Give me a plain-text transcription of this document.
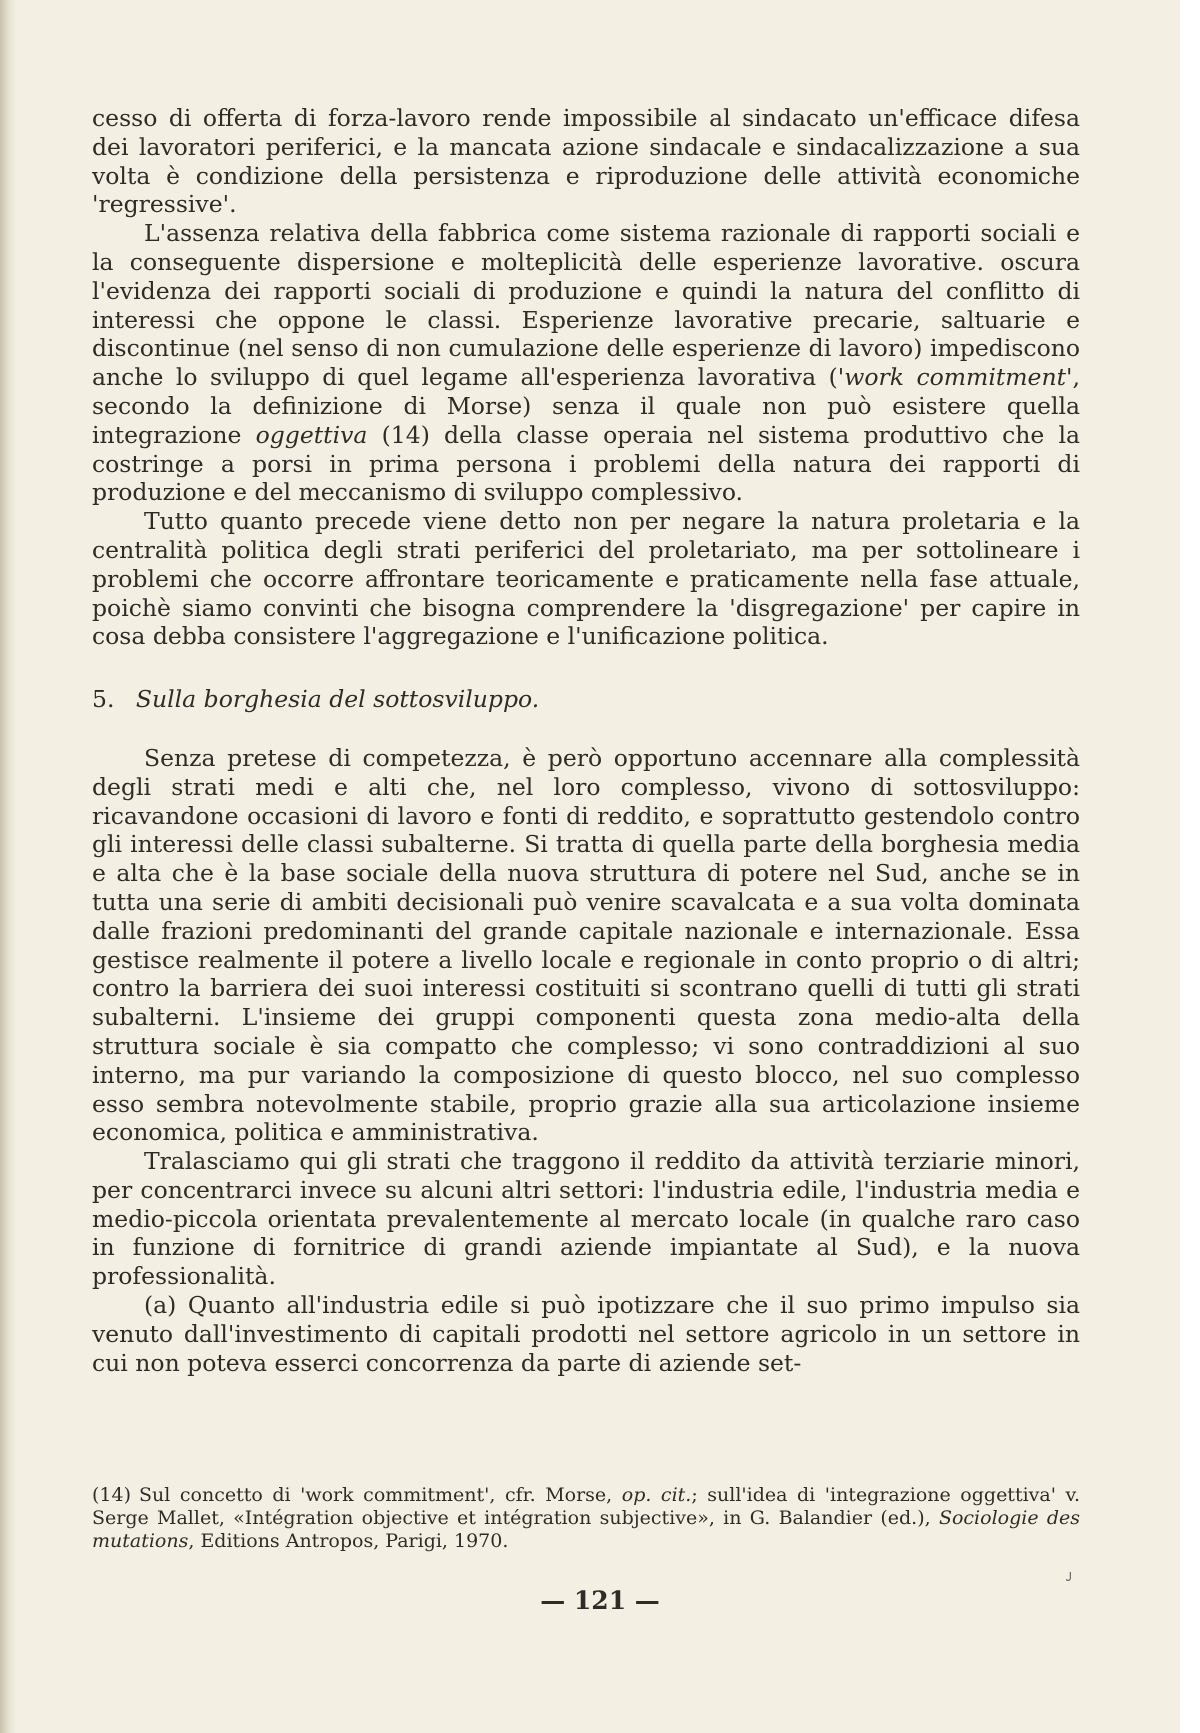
cesso di offerta di forza-lavoro rende impossibile al sindacato un'efficace difesa dei lavoratori periferici, e la mancata azione sindacale e sindacalizzazione a sua volta è condizione della persistenza e riproduzione delle attività economiche 'regressive'.

L'assenza relativa della fabbrica come sistema razionale di rapporti sociali e la conseguente dispersione e molteplicità delle esperienze lavorative. oscura l'evidenza dei rapporti sociali di produzione e quindi la natura del conflitto di interessi che oppone le classi. Esperienze lavorative precarie, saltuarie e discontinue (nel senso di non cumulazione delle esperienze di lavoro) impediscono anche lo sviluppo di quel legame all'esperienza lavorativa ('work commitment', secondo la definizione di Morse) senza il quale non può esistere quella integrazione oggettiva (14) della classe operaia nel sistema produttivo che la costringe a porsi in prima persona i problemi della natura dei rapporti di produzione e del meccanismo di sviluppo complessivo.

Tutto quanto precede viene detto non per negare la natura proletaria e la centralità politica degli strati periferici del proletariato, ma per sottolineare i problemi che occorre affrontare teoricamente e praticamente nella fase attuale, poichè siamo convinti che bisogna comprendere la 'disgregazione' per capire in cosa debba consistere l'aggregazione e l'unificazione politica.

5. Sulla borghesia del sottosviluppo.

Senza pretese di competezza, è però opportuno accennare alla complessità degli strati medi e alti che, nel loro complesso, vivono di sottosviluppo: ricavandone occasioni di lavoro e fonti di reddito, e soprattutto gestendolo contro gli interessi delle classi subalterne. Si tratta di quella parte della borghesia media e alta che è la base sociale della nuova struttura di potere nel Sud, anche se in tutta una serie di ambiti decisionali può venire scavalcata e a sua volta dominata dalle frazioni predominanti del grande capitale nazionale e internazionale. Essa gestisce realmente il potere a livello locale e regionale in conto proprio o di altri; contro la barriera dei suoi interessi costituiti si scontrano quelli di tutti gli strati subalterni. L'insieme dei gruppi componenti questa zona medio-alta della struttura sociale è sia compatto che complesso; vi sono contraddizioni al suo interno, ma pur variando la composizione di questo blocco, nel suo complesso esso sembra notevolmente stabile, proprio grazie alla sua articolazione insieme economica, politica e amministrativa.

Tralasciamo qui gli strati che traggono il reddito da attività terziarie minori, per concentrarci invece su alcuni altri settori: l'industria edile, l'industria media e medio-piccola orientata prevalentemente al mercato locale (in qualche raro caso in funzione di fornitrice di grandi aziende impiantate al Sud), e la nuova professionalità.

(a) Quanto all'industria edile si può ipotizzare che il suo primo impulso sia venuto dall'investimento di capitali prodotti nel settore agricolo in un settore in cui non poteva esserci concorrenza da parte di aziende set-

(14) Sul concetto di 'work commitment', cfr. Morse, op. cit.; sull'idea di 'integrazione oggettiva' v. Serge Mallet, «Intégration objective et intégration subjective», in G. Balandier (ed.), Sociologie des mutations, Editions Antropos, Parigi, 1970.

— 121 —
ᴊ
